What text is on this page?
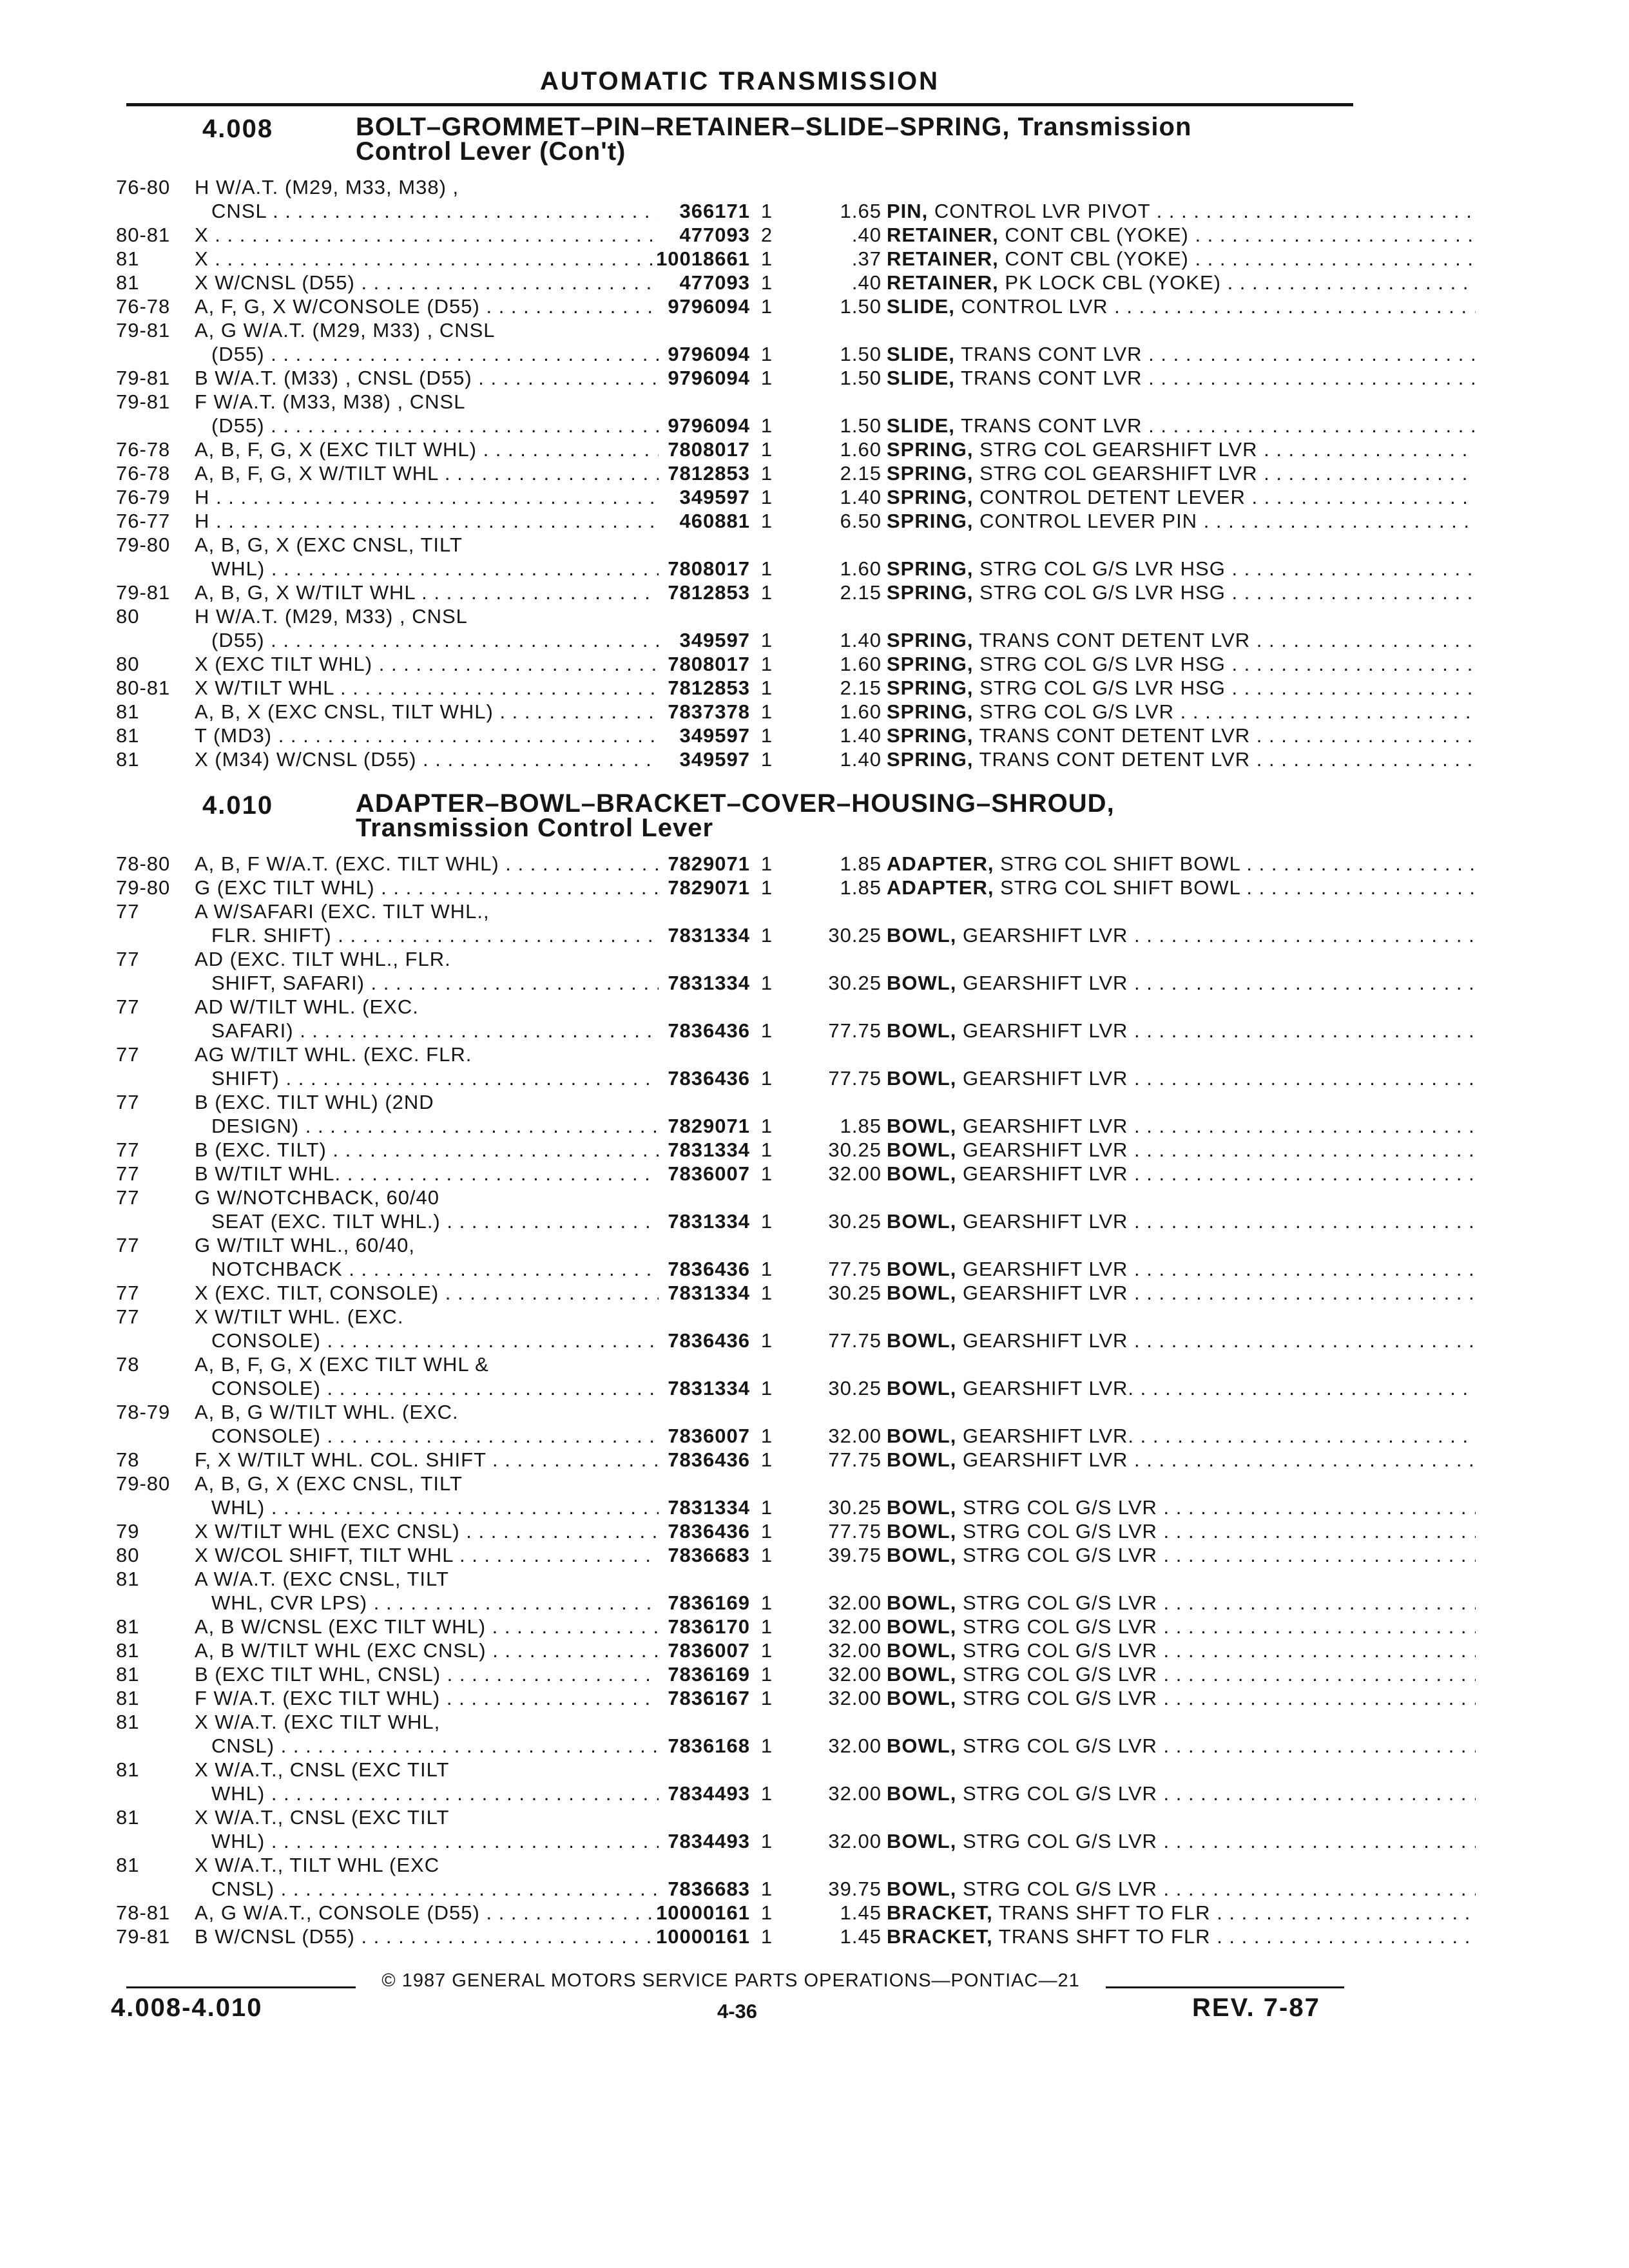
AUTOMATIC TRANSMISSION
4.008	BOLT–GROMMET–PIN–RETAINER–SLIDE–SPRING, Transmission
Control Lever (Con't)
76-80	H W/A.T. (M29, M33, M38) ,
CNSL . . .	366171 1	1.65 PIN, CONTROL LVR PIVOT . . .
80-81	X . . .	477093 2	.40 RETAINER, CONT CBL (YOKE) . . .
81	X . . .	10018661 1	.37 RETAINER, CONT CBL (YOKE) . . .
81	X W/CNSL (D55) . . .	477093 1	.40 RETAINER, PK LOCK CBL (YOKE) . . .
76-78	A, F, G, X W/CONSOLE (D55) . . .	9796094 1	1.50 SLIDE, CONTROL LVR . . .
79-81	A, G W/A.T. (M29, M33) , CNSL
(D55) . . .	9796094 1	1.50 SLIDE, TRANS CONT LVR . . .
79-81	B W/A.T. (M33) , CNSL (D55) . . .	9796094 1	1.50 SLIDE, TRANS CONT LVR . . .
79-81	F W/A.T. (M33, M38) , CNSL
(D55) . . .	9796094 1	1.50 SLIDE, TRANS CONT LVR . . .
76-78	A, B, F, G, X (EXC TILT WHL) . . .	7808017 1	1.60 SPRING, STRG COL GEARSHIFT LVR . . .
76-78	A, B, F, G, X W/TILT WHL . . .	7812853 1	2.15 SPRING, STRG COL GEARSHIFT LVR . . .
76-79	H . . .	349597 1	1.40 SPRING, CONTROL DETENT LEVER . . .
76-77	H . . .	460881 1	6.50 SPRING, CONTROL LEVER PIN . . .
79-80	A, B, G, X (EXC CNSL, TILT
WHL) . . .	7808017 1	1.60 SPRING, STRG COL G/S LVR HSG . . .
79-81	A, B, G, X W/TILT WHL . . .	7812853 1	2.15 SPRING, STRG COL G/S LVR HSG . . .
80	H W/A.T. (M29, M33) , CNSL
(D55) . . .	349597 1	1.40 SPRING, TRANS CONT DETENT LVR . . .
80	X (EXC TILT WHL) . . .	7808017 1	1.60 SPRING, STRG COL G/S LVR HSG . . .
80-81	X W/TILT WHL . . .	7812853 1	2.15 SPRING, STRG COL G/S LVR HSG . . .
81	A, B, X (EXC CNSL, TILT WHL) . . .	7837378 1	1.60 SPRING, STRG COL G/S LVR . . .
81	T (MD3) . . .	349597 1	1.40 SPRING, TRANS CONT DETENT LVR . . .
81	X (M34) W/CNSL (D55) . . .	349597 1	1.40 SPRING, TRANS CONT DETENT LVR . . .
4.010	ADAPTER–BOWL–BRACKET–COVER–HOUSING–SHROUD,
Transmission Control Lever
78-80	A, B, F W/A.T. (EXC. TILT WHL) . . .	7829071 1	1.85 ADAPTER, STRG COL SHIFT BOWL . . .
79-80	G (EXC TILT WHL) . . .	7829071 1	1.85 ADAPTER, STRG COL SHIFT BOWL . . .
77	A W/SAFARI (EXC. TILT WHL.,
FLR. SHIFT) . . .	7831334 1	30.25 BOWL, GEARSHIFT LVR . . .
77	AD (EXC. TILT WHL., FLR.
SHIFT, SAFARI) . . .	7831334 1	30.25 BOWL, GEARSHIFT LVR . . .
77	AD W/TILT WHL. (EXC.
SAFARI) . . .	7836436 1	77.75 BOWL, GEARSHIFT LVR . . .
77	AG W/TILT WHL. (EXC. FLR.
SHIFT) . . .	7836436 1	77.75 BOWL, GEARSHIFT LVR . . .
77	B (EXC. TILT WHL) (2ND
DESIGN) . . .	7829071 1	1.85 BOWL, GEARSHIFT LVR . . .
77	B (EXC. TILT) . . .	7831334 1	30.25 BOWL, GEARSHIFT LVR . . .
77	B W/TILT WHL. . . .	7836007 1	32.00 BOWL, GEARSHIFT LVR . . .
77	G W/NOTCHBACK, 60/40
SEAT (EXC. TILT WHL.) . . .	7831334 1	30.25 BOWL, GEARSHIFT LVR . . .
77	G W/TILT WHL., 60/40,
NOTCHBACK . . .	7836436 1	77.75 BOWL, GEARSHIFT LVR . . .
77	X (EXC. TILT, CONSOLE) . . .	7831334 1	30.25 BOWL, GEARSHIFT LVR . . .
77	X W/TILT WHL. (EXC.
CONSOLE) . . .	7836436 1	77.75 BOWL, GEARSHIFT LVR . . .
78	A, B, F, G, X (EXC TILT WHL &
CONSOLE) . . .	7831334 1	30.25 BOWL, GEARSHIFT LVR. . . .
78-79	A, B, G W/TILT WHL. (EXC.
CONSOLE) . . .	7836007 1	32.00 BOWL, GEARSHIFT LVR. . . .
78	F, X W/TILT WHL. COL. SHIFT . . .	7836436 1	77.75 BOWL, GEARSHIFT LVR . . .
79-80	A, B, G, X (EXC CNSL, TILT
WHL) . . .	7831334 1	30.25 BOWL, STRG COL G/S LVR . . .
79	X W/TILT WHL (EXC CNSL) . . .	7836436 1	77.75 BOWL, STRG COL G/S LVR . . .
80	X W/COL SHIFT, TILT WHL . . .	7836683 1	39.75 BOWL, STRG COL G/S LVR . . .
81	A W/A.T. (EXC CNSL, TILT
WHL, CVR LPS) . . .	7836169 1	32.00 BOWL, STRG COL G/S LVR . . .
81	A, B W/CNSL (EXC TILT WHL) . . .	7836170 1	32.00 BOWL, STRG COL G/S LVR . . .
81	A, B W/TILT WHL (EXC CNSL) . . .	7836007 1	32.00 BOWL, STRG COL G/S LVR . . .
81	B (EXC TILT WHL, CNSL) . . .	7836169 1	32.00 BOWL, STRG COL G/S LVR . . .
81	F W/A.T. (EXC TILT WHL) . . .	7836167 1	32.00 BOWL, STRG COL G/S LVR . . .
81	X W/A.T. (EXC TILT WHL,
CNSL) . . .	7836168 1	32.00 BOWL, STRG COL G/S LVR . . .
81	X W/A.T., CNSL (EXC TILT
WHL) . . .	7834493 1	32.00 BOWL, STRG COL G/S LVR . . .
81	X W/A.T., CNSL (EXC TILT
WHL) . . .	7834493 1	32.00 BOWL, STRG COL G/S LVR . . .
81	X W/A.T., TILT WHL (EXC
CNSL) . . .	7836683 1	39.75 BOWL, STRG COL G/S LVR . . .
78-81	A, G W/A.T., CONSOLE (D55) . . .	10000161 1	1.45 BRACKET, TRANS SHFT TO FLR . . .
79-81	B W/CNSL (D55) . . .	10000161 1	1.45 BRACKET, TRANS SHFT TO FLR . . .
© 1987 GENERAL MOTORS SERVICE PARTS OPERATIONS—PONTIAC—21
4.008-4.010	4-36	REV. 7-87
